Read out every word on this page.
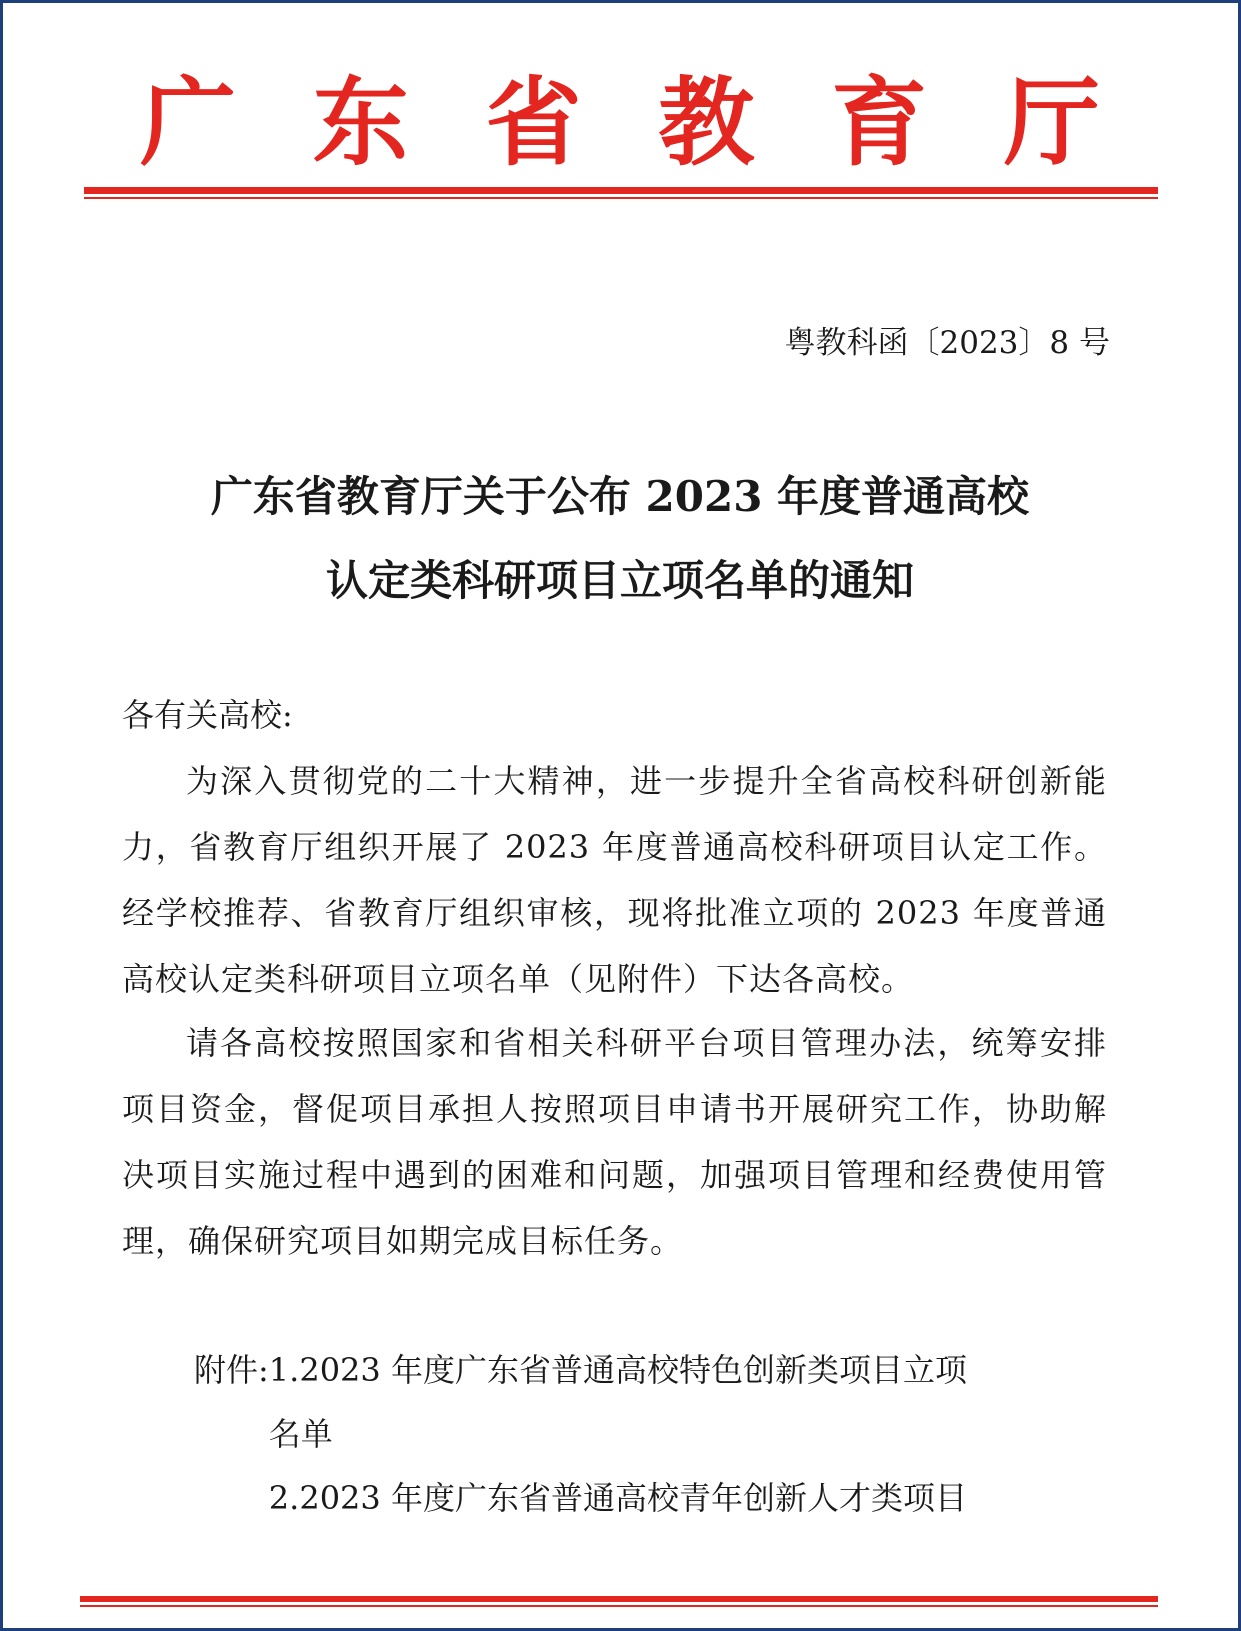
广 东 省 教 育 厅
粤教科函〔2023〕8 号
广东省教育厅关于公布 2023 年度普通高校
认定类科研项目立项名单的通知
各有关高校:
为深入贯彻党的二十大精神，进一步提升全省高校科研创新能力，省教育厅组织开展了 2023 年度普通高校科研项目认定工作。经学校推荐、省教育厅组织审核，现将批准立项的 2023 年度普通高校认定类科研项目立项名单（见附件）下达各高校。
请各高校按照国家和省相关科研平台项目管理办法，统筹安排项目资金，督促项目承担人按照项目申请书开展研究工作，协助解决项目实施过程中遇到的困难和问题，加强项目管理和经费使用管理，确保研究项目如期完成目标任务。
附件: 1.2023 年度广东省普通高校特色创新类项目立项名单

2.2023 年度广东省普通高校青年创新人才类项目
